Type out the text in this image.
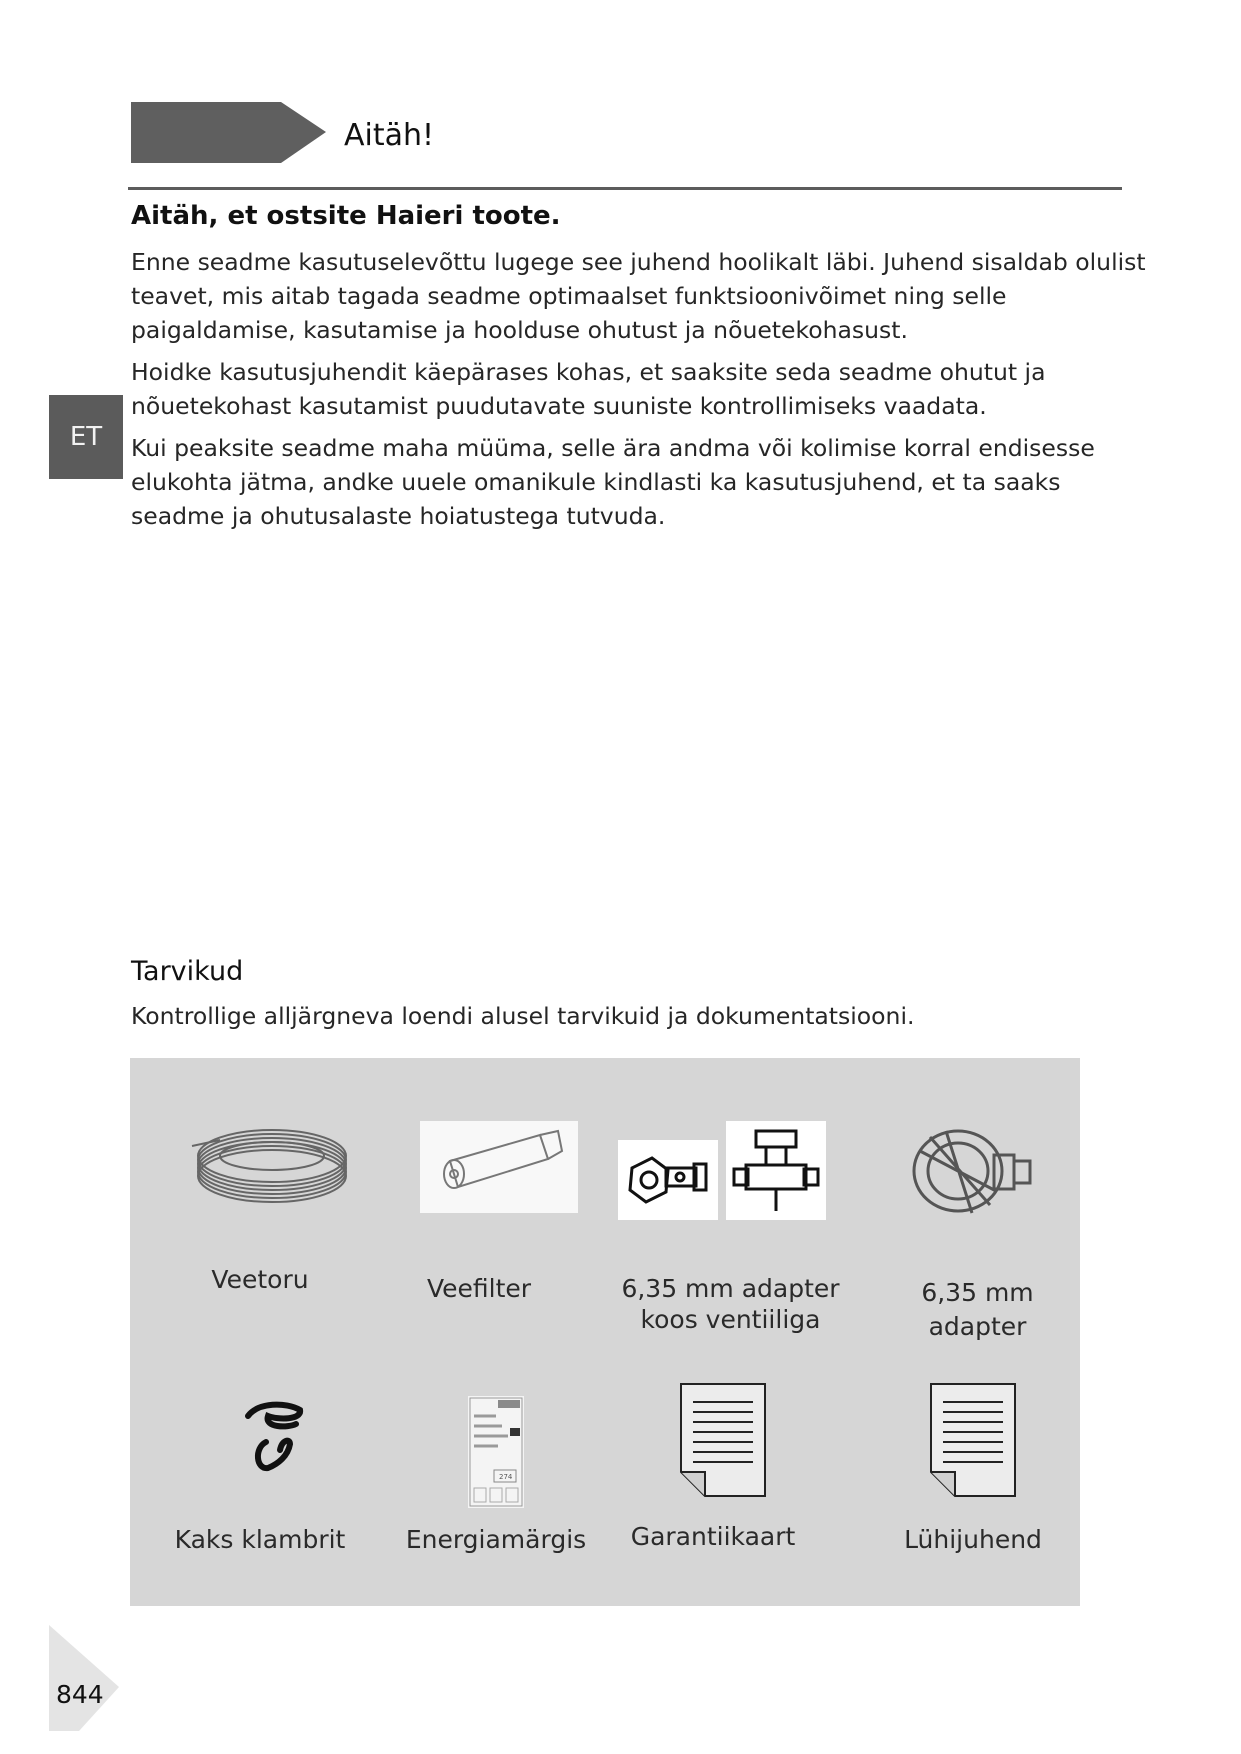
Aitäh!
ET
Aitäh, et ostsite Haieri toote.

Enne seadme kasutuselevõttu lugege see juhend hoolikalt läbi. Juhend sisaldab olulist teavet, mis aitab tagada seadme optimaalset funktsioonivõimet ning selle paigaldamise, kasutamise ja hoolduse ohutust ja nõuetekohasust.

Hoidke kasutusjuhendit käepärases kohas, et saaksite seda seadme ohutut ja nõuetekohast kasutamist puudutavate suuniste kontrollimiseks vaadata.

Kui peaksite seadme maha müüma, selle ära andma või kolimise korral endisesse elukohta jätma, andke uuele omanikule kindlasti ka kasutusjuhend, et ta saaks seadme ja ohutusalaste hoiatustega tutvuda.

Tarvikud
Kontrollige alljärgneva loendi alusel tarvikuid ja dokumentatsiooni.
Veetoru	Veefilter	6,35 mm adapter
koos ventiiliga
6,35 mm
adapter
274
Kaks klambrit	Energiamärgis	Garantiikaart	Lühijuhend
844
